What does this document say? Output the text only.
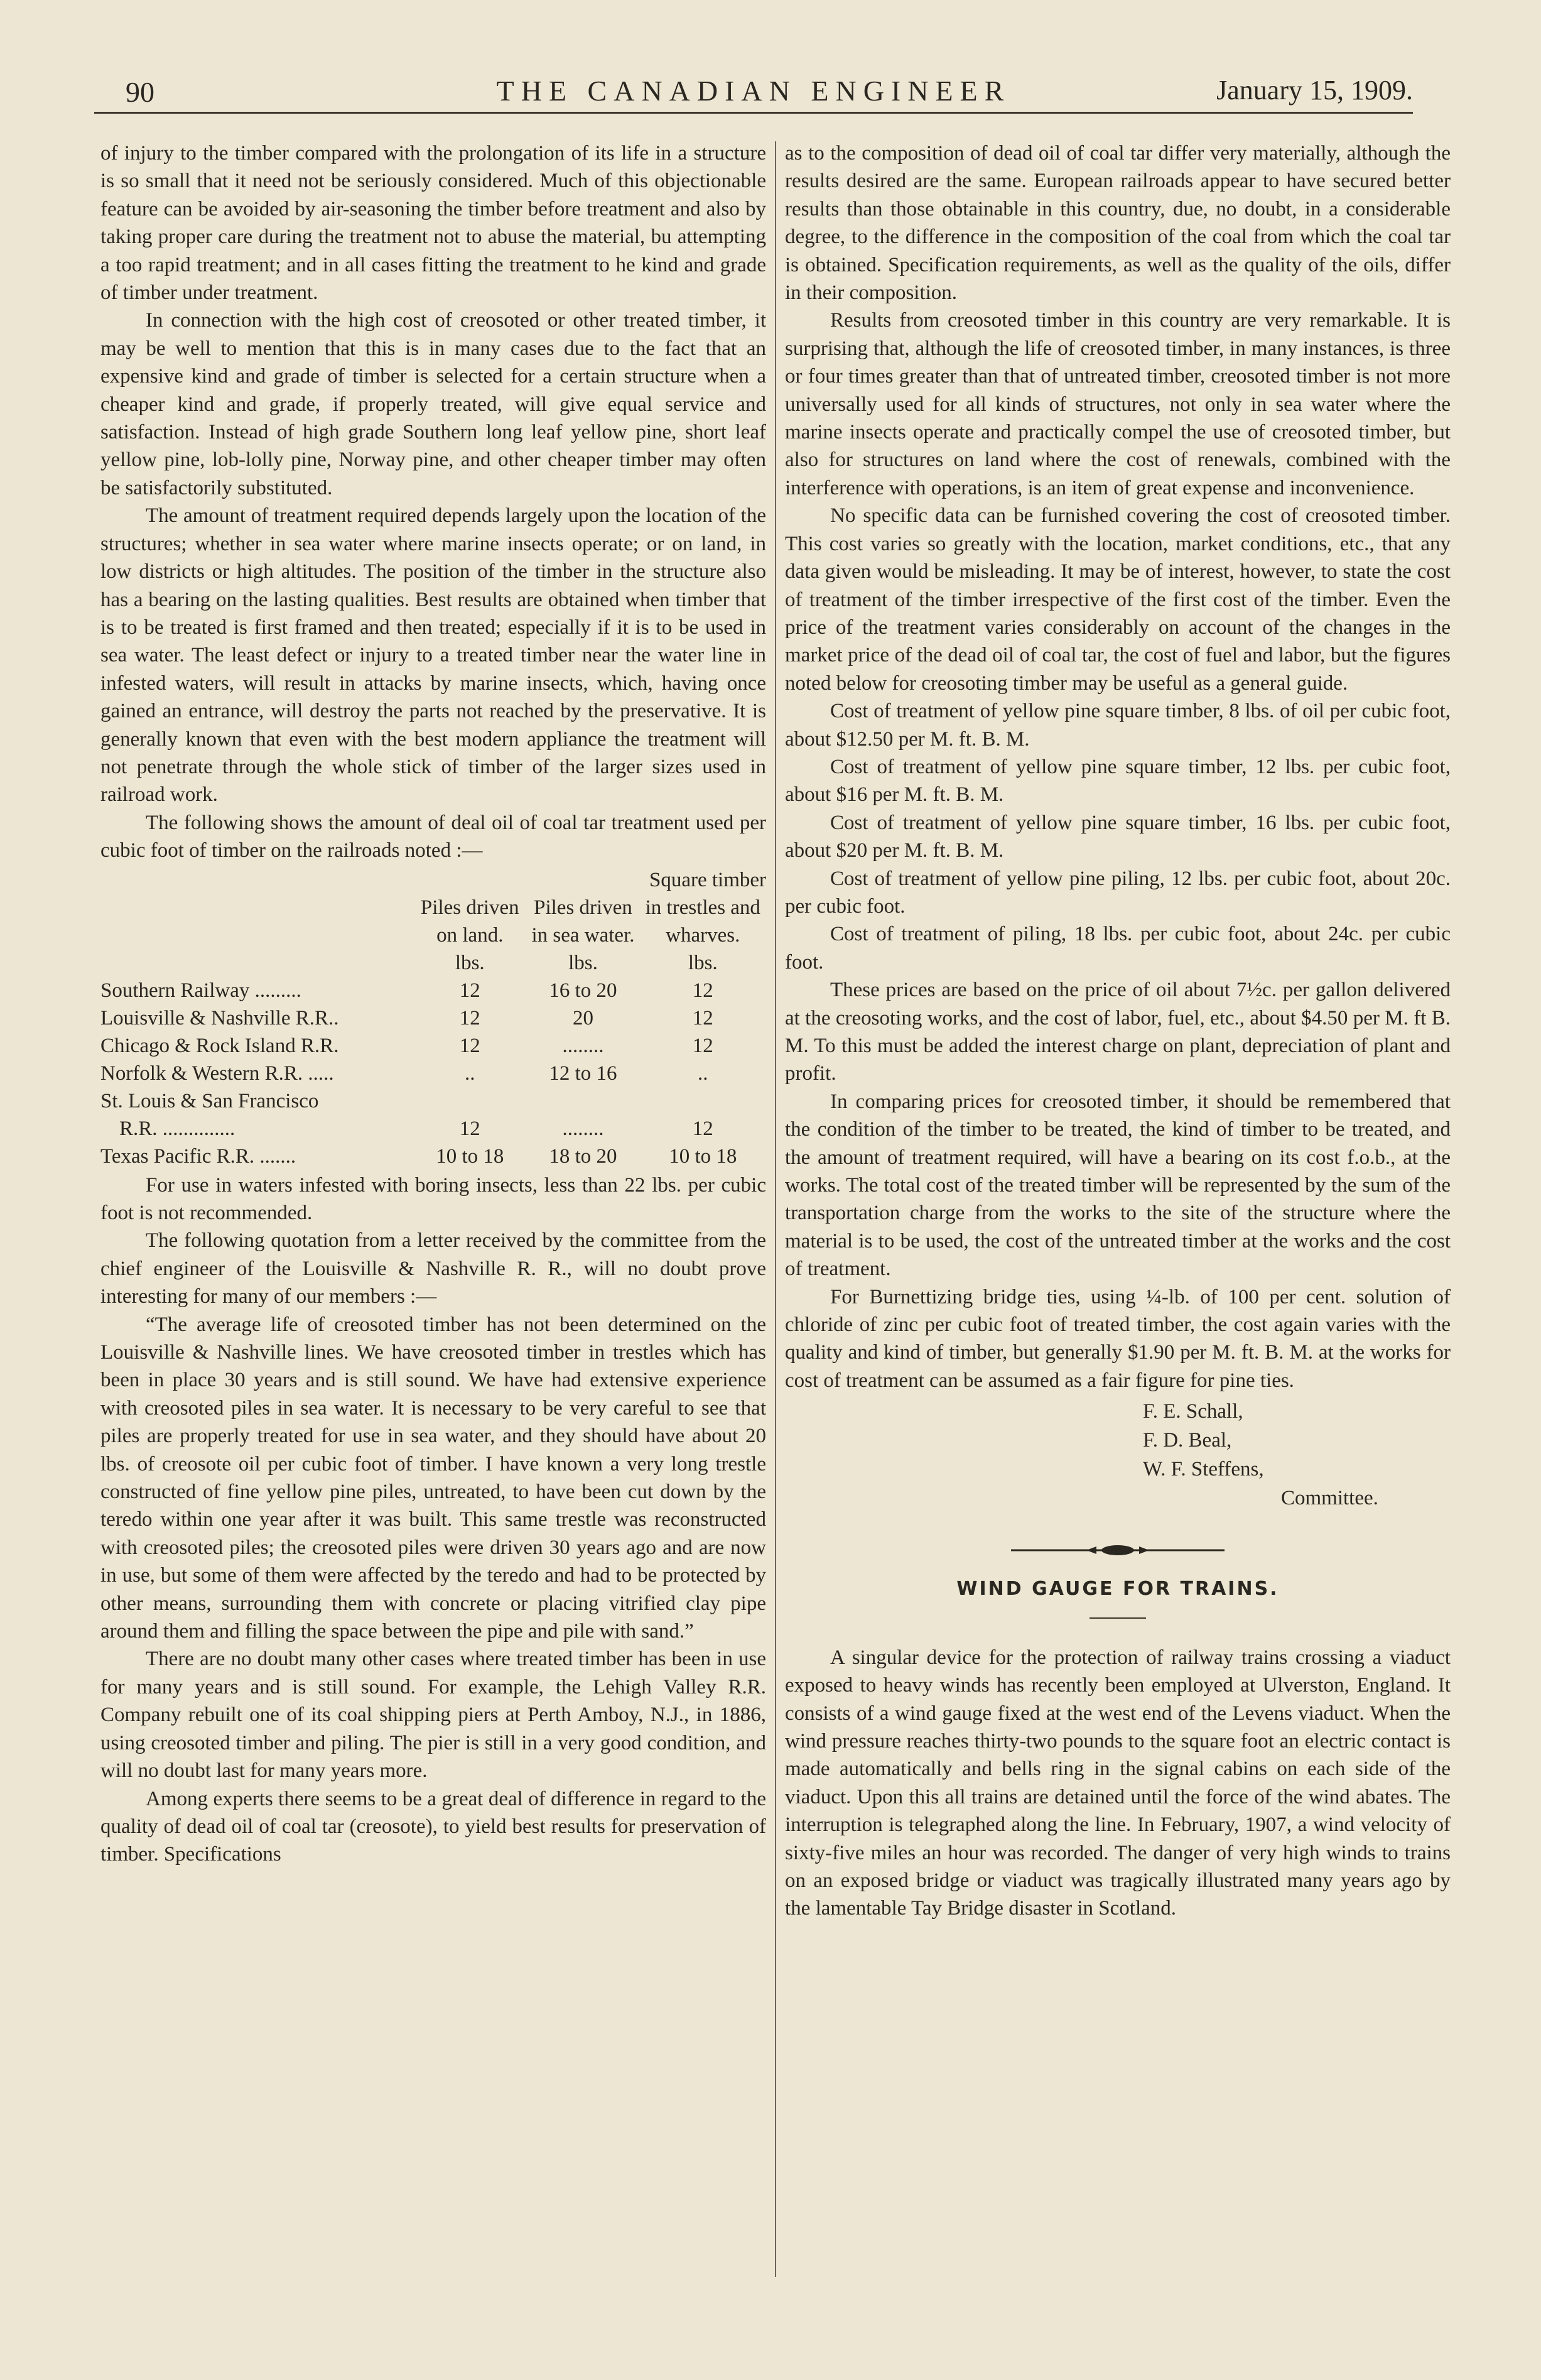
90	THE CANADIAN ENGINEER	January 15, 1909.

of injury to the timber compared with the prolongation of its life in a structure is so small that it need not be seriously considered. Much of this objectionable feature can be avoided by air-seasoning the timber before treatment and also by taking proper care during the treatment not to abuse the material, bu attempting a too rapid treatment; and in all cases fitting the treatment to he kind and grade of timber under treatment.

In connection with the high cost of creosoted or other treated timber, it may be well to mention that this is in many cases due to the fact that an expensive kind and grade of timber is selected for a certain structure when a cheaper kind and grade, if properly treated, will give equal service and satisfaction. Instead of high grade Southern long leaf yellow pine, short leaf yellow pine, lob-lolly pine, Norway pine, and other cheaper timber may often be satisfactorily substituted.

The amount of treatment required depends largely upon the location of the structures; whether in sea water where marine insects operate; or on land, in low districts or high altitudes. The position of the timber in the structure also has a bearing on the lasting qualities. Best results are obtained when timber that is to be treated is first framed and then treated; especially if it is to be used in sea water. The least defect or injury to a treated timber near the water line in infested waters, will result in attacks by marine insects, which, having once gained an entrance, will destroy the parts not reached by the preservative. It is generally known that even with the best modern appliance the treatment will not penetrate through the whole stick of timber of the larger sizes used in railroad work.

The following shows the amount of deal oil of coal tar treatment used per cubic foot of timber on the railroads noted :—

	Square timber		
	Piles driven on land.	Piles driven in sea water.	in trestles and wharves.
	lbs.	lbs.	lbs.
Southern Railway .........	12	16 to 20	12
Louisville & Nashville R.R..	12	20	12
Chicago & Rock Island R.R.	12	........	12
Norfolk & Western R.R. .....	..	12 to 16	..
St. Louis & San Francisco			
R.R. ..............	12	........	12
Texas Pacific R.R. .......	10 to 18	18 to 20	10 to 18

For use in waters infested with boring insects, less than 22 lbs. per cubic foot is not recommended.

The following quotation from a letter received by the committee from the chief engineer of the Louisville & Nashville R. R., will no doubt prove interesting for many of our members :—

“The average life of creosoted timber has not been determined on the Louisville & Nashville lines. We have creosoted timber in trestles which has been in place 30 years and is still sound. We have had extensive experience with creosoted piles in sea water. It is necessary to be very careful to see that piles are properly treated for use in sea water, and they should have about 20 lbs. of creosote oil per cubic foot of timber. I have known a very long trestle constructed of fine yellow pine piles, untreated, to have been cut down by the teredo within one year after it was built. This same trestle was reconstructed with creosoted piles; the creosoted piles were driven 30 years ago and are now in use, but some of them were affected by the teredo and had to be protected by other means, surrounding them with concrete or placing vitrified clay pipe around them and filling the space between the pipe and pile with sand.”

There are no doubt many other cases where treated timber has been in use for many years and is still sound. For example, the Lehigh Valley R.R. Company rebuilt one of its coal shipping piers at Perth Amboy, N.J., in 1886, using creosoted timber and piling. The pier is still in a very good condition, and will no doubt last for many years more.

Among experts there seems to be a great deal of difference in regard to the quality of dead oil of coal tar (creosote), to yield best results for preservation of timber. Specifications

as to the composition of dead oil of coal tar differ very materially, although the results desired are the same. European railroads appear to have secured better results than those obtainable in this country, due, no doubt, in a considerable degree, to the difference in the composition of the coal from which the coal tar is obtained. Specification requirements, as well as the quality of the oils, differ in their composition.

Results from creosoted timber in this country are very remarkable. It is surprising that, although the life of creosoted timber, in many instances, is three or four times greater than that of untreated timber, creosoted timber is not more universally used for all kinds of structures, not only in sea water where the marine insects operate and practically compel the use of creosoted timber, but also for structures on land where the cost of renewals, combined with the interference with operations, is an item of great expense and inconvenience.

No specific data can be furnished covering the cost of creosoted timber. This cost varies so greatly with the location, market conditions, etc., that any data given would be misleading. It may be of interest, however, to state the cost of treatment of the timber irrespective of the first cost of the timber. Even the price of the treatment varies considerably on account of the changes in the market price of the dead oil of coal tar, the cost of fuel and labor, but the figures noted below for creosoting timber may be useful as a general guide.

Cost of treatment of yellow pine square timber, 8 lbs. of oil per cubic foot, about $12.50 per M. ft. B. M.

Cost of treatment of yellow pine square timber, 12 lbs. per cubic foot, about $16 per M. ft. B. M.

Cost of treatment of yellow pine square timber, 16 lbs. per cubic foot, about $20 per M. ft. B. M.

Cost of treatment of yellow pine piling, 12 lbs. per cubic foot, about 20c. per cubic foot.

Cost of treatment of piling, 18 lbs. per cubic foot, about 24c. per cubic foot.

These prices are based on the price of oil about 7½c. per gallon delivered at the creosoting works, and the cost of labor, fuel, etc., about $4.50 per M. ft B. M. To this must be added the interest charge on plant, depreciation of plant and profit.

In comparing prices for creosoted timber, it should be remembered that the condition of the timber to be treated, the kind of timber to be treated, and the amount of treatment required, will have a bearing on its cost f.o.b., at the works. The total cost of the treated timber will be represented by the sum of the transportation charge from the works to the site of the structure where the material is to be used, the cost of the untreated timber at the works and the cost of treatment.

For Burnettizing bridge ties, using ¼-lb. of 100 per cent. solution of chloride of zinc per cubic foot of treated timber, the cost again varies with the quality and kind of timber, but generally $1.90 per M. ft. B. M. at the works for cost of treatment can be assumed as a fair figure for pine ties.

F. E. Schall,
F. D. Beal,
W. F. Steffens,
Committee.
WIND GAUGE FOR TRAINS.

A singular device for the protection of railway trains crossing a viaduct exposed to heavy winds has recently been employed at Ulverston, England. It consists of a wind gauge fixed at the west end of the Levens viaduct. When the wind pressure reaches thirty-two pounds to the square foot an electric contact is made automatically and bells ring in the signal cabins on each side of the viaduct. Upon this all trains are detained until the force of the wind abates. The interruption is telegraphed along the line. In February, 1907, a wind velocity of sixty-five miles an hour was recorded. The danger of very high winds to trains on an exposed bridge or viaduct was tragically illustrated many years ago by the lamentable Tay Bridge disaster in Scotland.
